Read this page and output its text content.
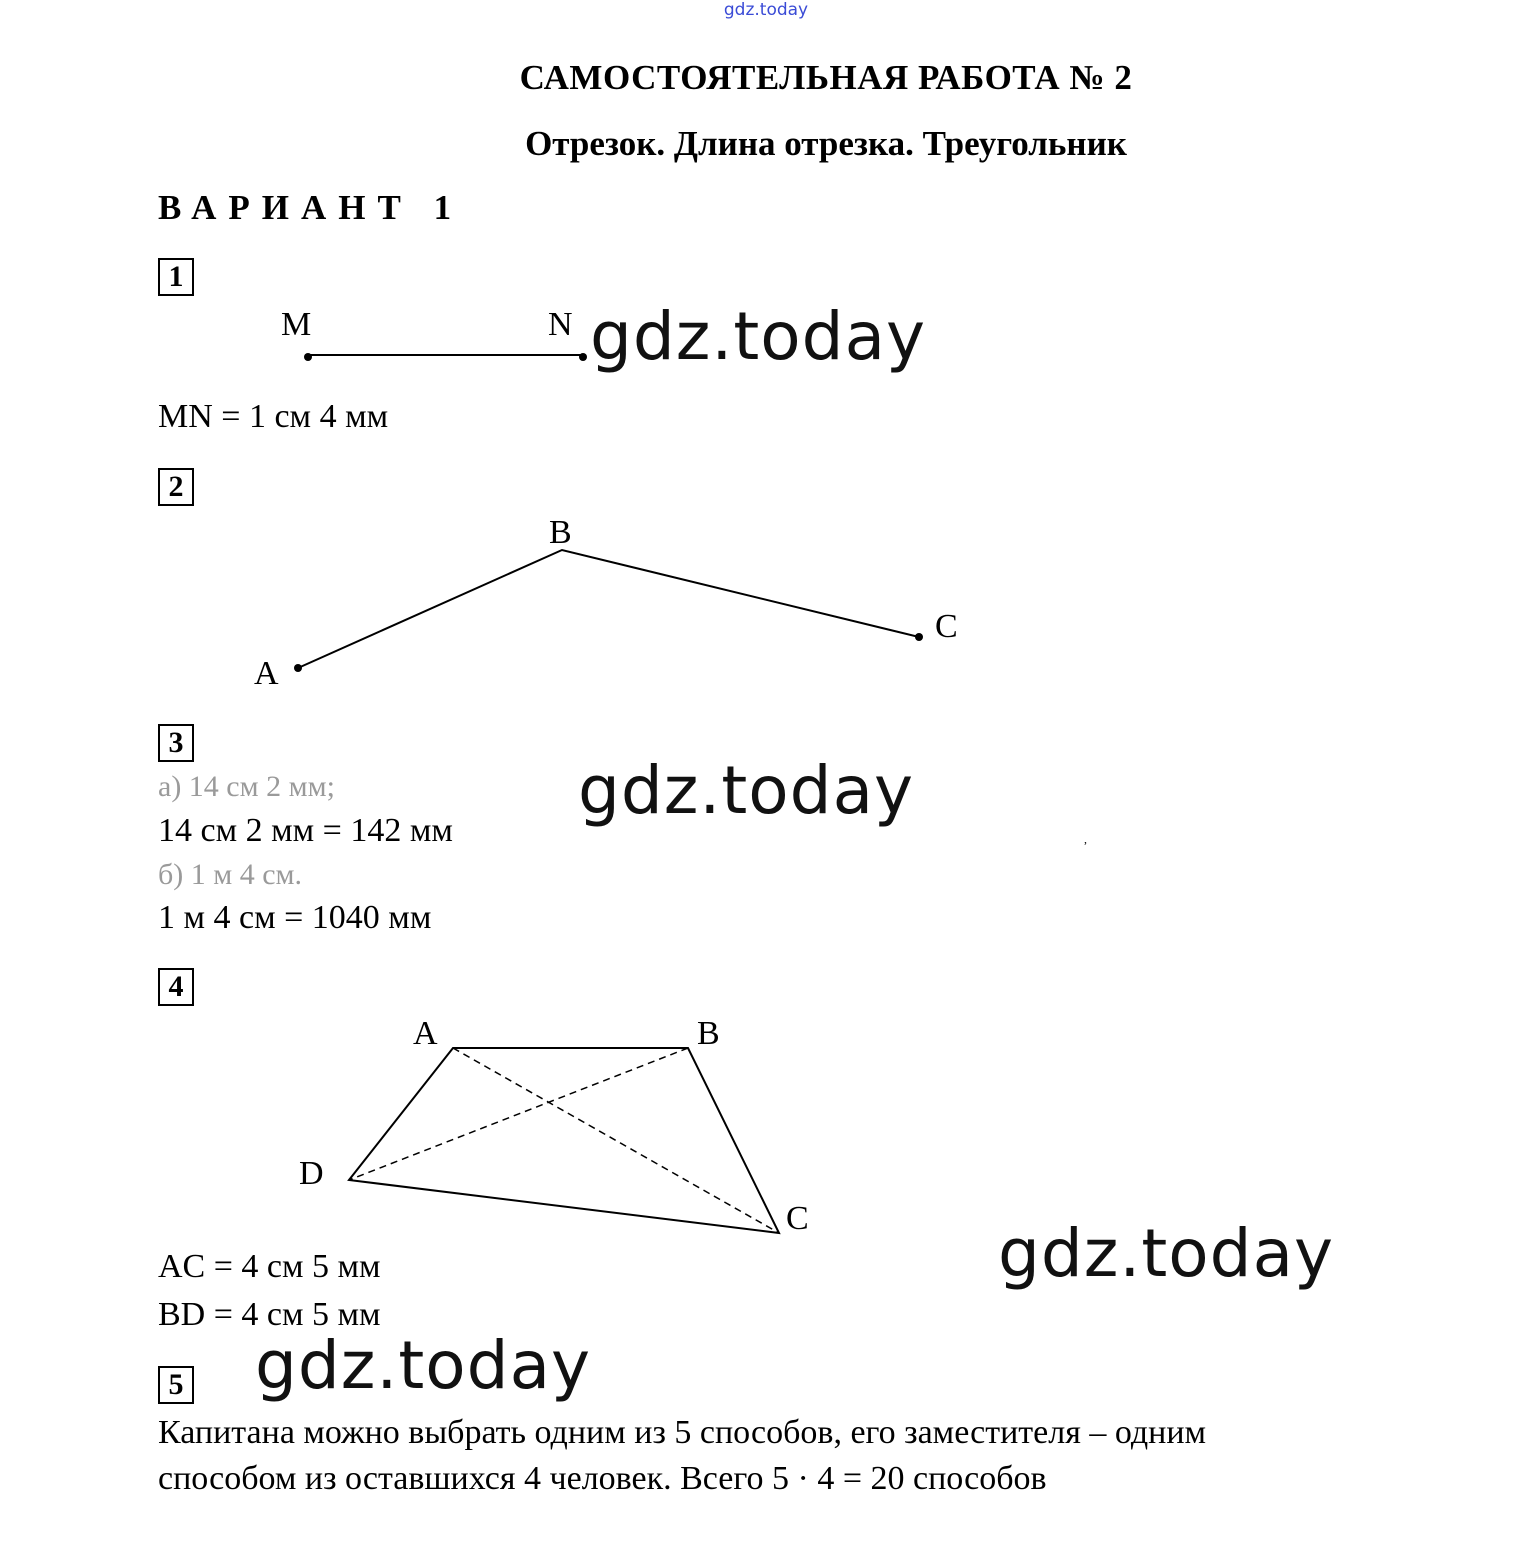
gdz.today
САМОСТОЯТЕЛЬНАЯ РАБОТА № 2
Отрезок. Длина отрезка. Треугольник
ВАРИАНТ 1
1
,
M	N gdz.today
MN = 1 см 4 мм
2
A
B
C
3
а) 14 см 2 мм;
14 см 2 мм = 142 мм
б) 1 м 4 см.
1 м 4 см = 1040 мм
gdz.today
4
A	B
C
D
AC = 4 см 5 мм
BD = 4 см 5 мм
gdz.today
5 gdz.today
Капитана можно выбрать одним из 5 способов, его заместителя – одним
способом из оставшихся 4 человек. Всего 5 · 4 = 20 способов
